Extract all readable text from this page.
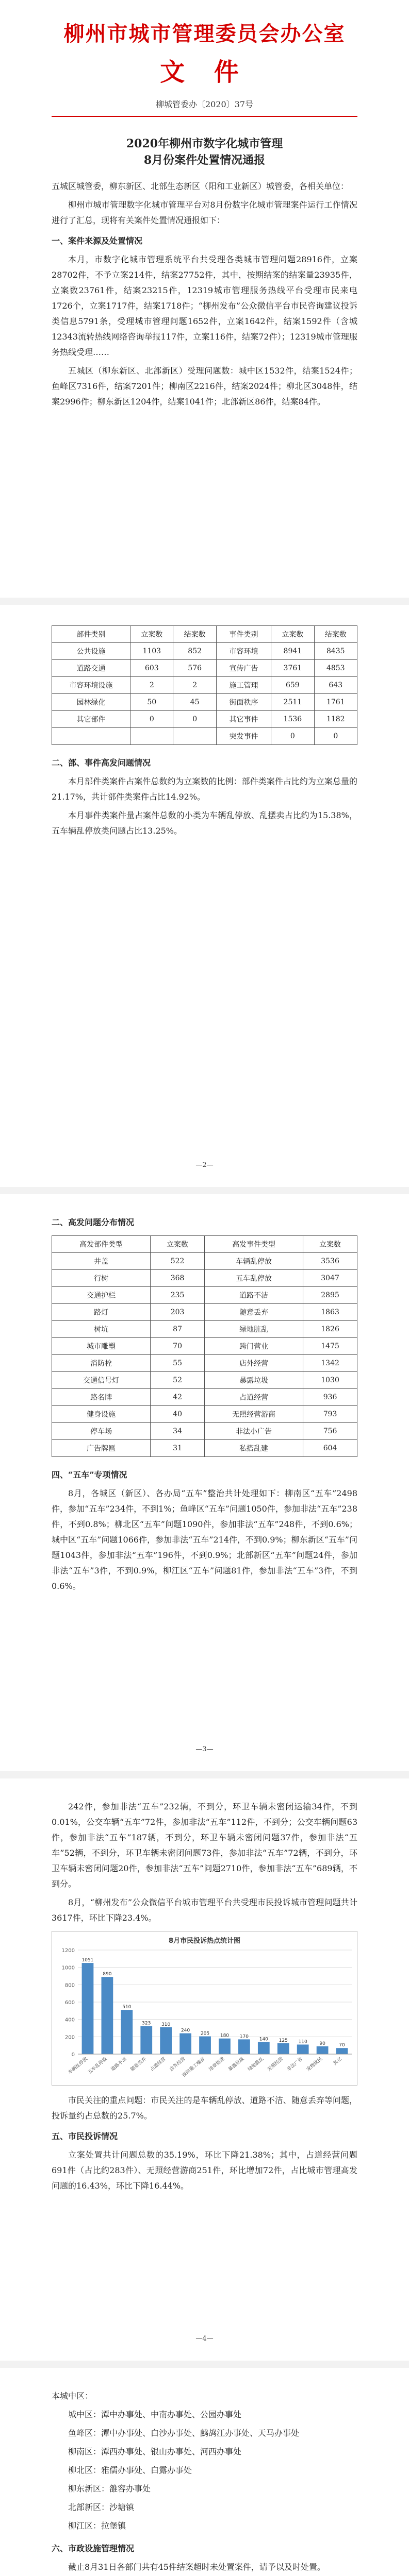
柳州市城市管理委员会办公室
文 件
柳城管委办〔2020〕37号
2020年柳州市数字化城市管理
8月份案件处置情况通报

五城区城管委，柳东新区、北部生态新区（阳和工业新区）城管委，各相关单位：

柳州市城市管理数字化城市管理平台对8月份数字化城市管理案件运行工作情况进行了汇总，现将有关案件处置情况通报如下：

一、案件来源及处置情况

本月，市数字化城市管理系统平台共受理各类城市管理问题28916件，立案28702件，不予立案214件，结案27752件，其中，按期结案的结案量23935件，立案数23761件，结案23215件，12319城市管理服务热线平台受理市民来电1726个，立案1717件，结案1718件；“柳州发布”公众微信平台市民咨询建议投诉类信息5791条，受理城市管理问题1652件，立案1642件，结案1592件（含城12343流转热线网络咨询举报117件，立案116件，结案72件）；12319城市管理服务热线受理……

五城区（柳东新区、北部新区）受理问题数：城中区1532件，结案1524件；鱼峰区7316件，结案7201件；柳南区2216件，结案2024件；柳北区3048件，结案2996件；柳东新区1204件，结案1041件；北部新区86件，结案84件。

部件类别	立案数	结案数	事件类别	立案数	结案数
公共设施	1103	852	市容环境	8941	8435
道路交通	603	576	宣传广告	3761	4853
市容环境设施	2	2	施工管理	659	643
园林绿化	50	45	街面秩序	2511	1761
其它部件	0	0	其它事件	1536	1182
			突发事件	0	0
二、部、事件高发问题情况

本月部件类案件占案件总数约为立案数的比例：部件类案件占比约为立案总量的21.17%，共计部件类案件占比14.92%。

本月事件类案件量占案件总数的小类为车辆乱停放、乱摆卖占比约为15.38%，五车辆乱停放类问题占比13.25%。

—2—
二、高发问题分布情况
高发部件类型	立案数	高发事件类型	立案数
井盖	522	车辆乱停放	3536
行树	368	五车乱停放	3047
交通护栏	235	道路不洁	2895
路灯	203	随意丢弃	1863
树坑	87	绿地脏乱	1826
城市雕塑	70	跨门营业	1475
消防栓	55	店外经营	1342
交通信号灯	52	暴露垃圾	1030
路名牌	42	占道经营	936
健身设施	40	无照经营游商	793
停车场	34	非法小广告	756
广告牌匾	31	私搭乱建	604
四、“五车”专项情况

8月，各城区（新区）、各办局“五车”整治共计处理如下：柳南区“五车”2498件，参加“五车”234件，不到1%；鱼峰区“五车”问题1050件，参加非法“五车”238件，不到0.8%；柳北区“五车”问题1090件，参加非法“五车”248件，不到0.6%；城中区“五车”问题1066件，参加非法“五车”214件，不到0.9%；柳东新区“五车”问题1043件，参加非法“五车”196件，不到0.9%；北部新区“五车”问题24件，参加非法“五车”3件，不到0.9%，柳江区“五车”问题81件，参加非法“五车”3件，不到0.6%。

—3—

242件，参加非法“五车”232辆，不到分，环卫车辆未密闭运输34件，不到0.01%，公交车辆“五车”72件，参加非法“五车”112件，不到分；公交车辆问题63件，参加非法“五车”187辆，不到分，环卫车辆未密闭问题37件，参加非法“五车”52辆，不到分，环卫车辆未密闭问题73件，参加非法“五车”72辆，不到分，环卫车辆未密闭问题20件，参加非法“五车”问题2710件，参加非法“五车”689辆，不到分。

8月，“柳州发布”公众微信平台城市管理平台共受理市民投诉城市管理问题共计3617件，环比下降23.4%。

8月市民投诉热点统计图
0
200
400
600
800
1000
1200
1051
车辆乱停放
890
五车乱停放
510
道路不洁
323
随意丢弃
310
占道经营
240
店外经营
205
夜间施工噪音
180
违章搭建
170
暴露垃圾
140
绿地脏乱
125
无照经营
110
非法广告
90
宠物扰民
70
其它

市民关注的重点问题：市民关注的是车辆乱停放、道路不洁、随意丢弃等问题，投诉量约占总数的25.7%。

五、市民投诉情况

立案处置共计问题总数的35.19%，环比下降21.38%；其中，占道经营问题691件（占比约283件）、无照经营游商251件，环比增加72件，占比城市管理高发问题的16.43%，环比下降16.44%。

—4—

本城中区：

城中区：潭中办事处、中南办事处、公园办事处

鱼峰区：潭中办事处、白沙办事处、鹧鸪江办事处、天马办事处

柳南区：潭西办事处、银山办事处、河西办事处

柳北区：雅儒办事处、白露办事处

柳东新区：雒容办事处

北部新区：沙塘镇

柳江区：拉堡镇

六、市政设施管理情况

截止8月31日各部门共有45件结案超时未处置案件，请予以及时处置。
